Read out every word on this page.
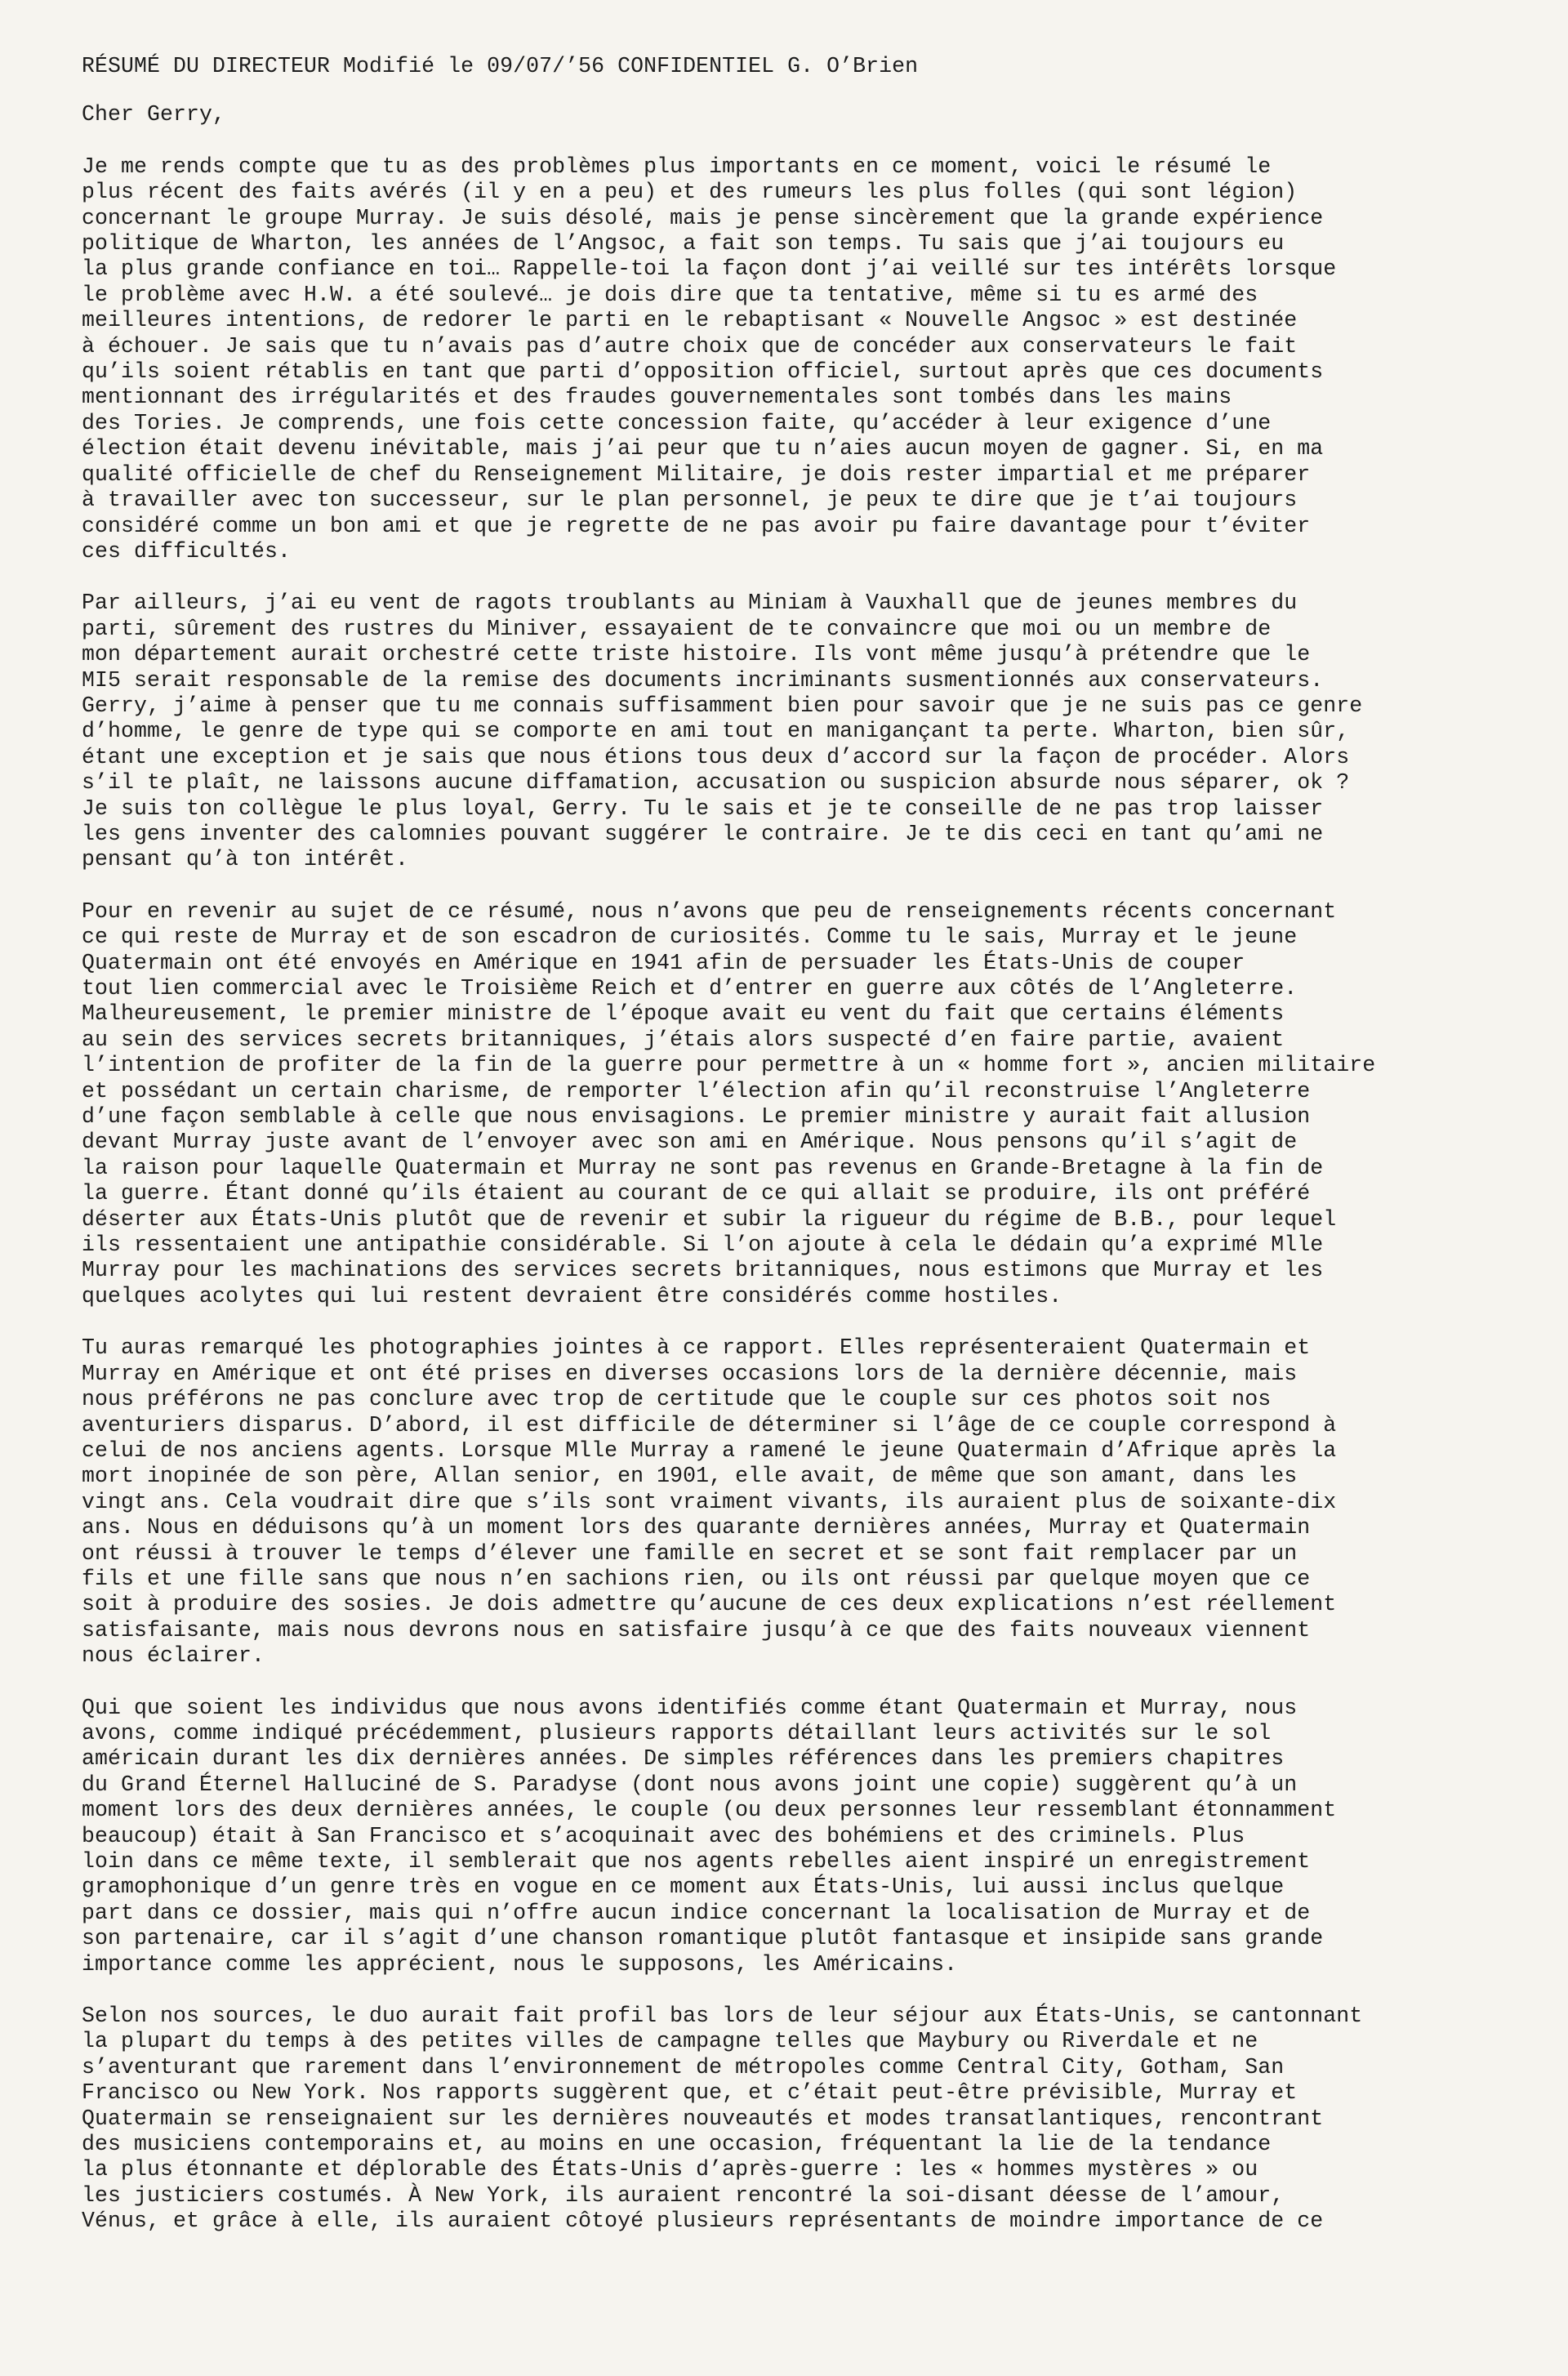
RÉSUMÉ DU DIRECTEUR Modifié le 09/07/’56 CONFIDENTIEL G. O’Brien
Cher Gerry,
Je me rends compte que tu as des problèmes plus importants en ce moment, voici le résumé le
plus récent des faits avérés (il y en a peu) et des rumeurs les plus folles (qui sont légion)
concernant le groupe Murray. Je suis désolé, mais je pense sincèrement que la grande expérience
politique de Wharton, les années de l’Angsoc, a fait son temps. Tu sais que j’ai toujours eu
la plus grande confiance en toi… Rappelle-toi la façon dont j’ai veillé sur tes intérêts lorsque
le problème avec H.W. a été soulevé… je dois dire que ta tentative, même si tu es armé des
meilleures intentions, de redorer le parti en le rebaptisant « Nouvelle Angsoc » est destinée
à échouer. Je sais que tu n’avais pas d’autre choix que de concéder aux conservateurs le fait
qu’ils soient rétablis en tant que parti d’opposition officiel, surtout après que ces documents
mentionnant des irrégularités et des fraudes gouvernementales sont tombés dans les mains
des Tories. Je comprends, une fois cette concession faite, qu’accéder à leur exigence d’une
élection était devenu inévitable, mais j’ai peur que tu n’aies aucun moyen de gagner. Si, en ma
qualité officielle de chef du Renseignement Militaire, je dois rester impartial et me préparer
à travailler avec ton successeur, sur le plan personnel, je peux te dire que je t’ai toujours
considéré comme un bon ami et que je regrette de ne pas avoir pu faire davantage pour t’éviter
ces difficultés.
Par ailleurs, j’ai eu vent de ragots troublants au Miniam à Vauxhall que de jeunes membres du
parti, sûrement des rustres du Miniver, essayaient de te convaincre que moi ou un membre de
mon département aurait orchestré cette triste histoire. Ils vont même jusqu’à prétendre que le
MI5 serait responsable de la remise des documents incriminants susmentionnés aux conservateurs.
Gerry, j’aime à penser que tu me connais suffisamment bien pour savoir que je ne suis pas ce genre
d’homme, le genre de type qui se comporte en ami tout en manigançant ta perte. Wharton, bien sûr,
étant une exception et je sais que nous étions tous deux d’accord sur la façon de procéder. Alors
s’il te plaît, ne laissons aucune diffamation, accusation ou suspicion absurde nous séparer, ok ?
Je suis ton collègue le plus loyal, Gerry. Tu le sais et je te conseille de ne pas trop laisser
les gens inventer des calomnies pouvant suggérer le contraire. Je te dis ceci en tant qu’ami ne
pensant qu’à ton intérêt.
Pour en revenir au sujet de ce résumé, nous n’avons que peu de renseignements récents concernant
ce qui reste de Murray et de son escadron de curiosités. Comme tu le sais, Murray et le jeune
Quatermain ont été envoyés en Amérique en 1941 afin de persuader les États-Unis de couper
tout lien commercial avec le Troisième Reich et d’entrer en guerre aux côtés de l’Angleterre.
Malheureusement, le premier ministre de l’époque avait eu vent du fait que certains éléments
au sein des services secrets britanniques, j’étais alors suspecté d’en faire partie, avaient
l’intention de profiter de la fin de la guerre pour permettre à un « homme fort », ancien militaire
et possédant un certain charisme, de remporter l’élection afin qu’il reconstruise l’Angleterre
d’une façon semblable à celle que nous envisagions. Le premier ministre y aurait fait allusion
devant Murray juste avant de l’envoyer avec son ami en Amérique. Nous pensons qu’il s’agit de
la raison pour laquelle Quatermain et Murray ne sont pas revenus en Grande-Bretagne à la fin de
la guerre. Étant donné qu’ils étaient au courant de ce qui allait se produire, ils ont préféré
déserter aux États-Unis plutôt que de revenir et subir la rigueur du régime de B.B., pour lequel
ils ressentaient une antipathie considérable. Si l’on ajoute à cela le dédain qu’a exprimé Mlle
Murray pour les machinations des services secrets britanniques, nous estimons que Murray et les
quelques acolytes qui lui restent devraient être considérés comme hostiles.
Tu auras remarqué les photographies jointes à ce rapport. Elles représenteraient Quatermain et
Murray en Amérique et ont été prises en diverses occasions lors de la dernière décennie, mais
nous préférons ne pas conclure avec trop de certitude que le couple sur ces photos soit nos
aventuriers disparus. D’abord, il est difficile de déterminer si l’âge de ce couple correspond à
celui de nos anciens agents. Lorsque Mlle Murray a ramené le jeune Quatermain d’Afrique après la
mort inopinée de son père, Allan senior, en 1901, elle avait, de même que son amant, dans les
vingt ans. Cela voudrait dire que s’ils sont vraiment vivants, ils auraient plus de soixante-dix
ans. Nous en déduisons qu’à un moment lors des quarante dernières années, Murray et Quatermain
ont réussi à trouver le temps d’élever une famille en secret et se sont fait remplacer par un
fils et une fille sans que nous n’en sachions rien, ou ils ont réussi par quelque moyen que ce
soit à produire des sosies. Je dois admettre qu’aucune de ces deux explications n’est réellement
satisfaisante, mais nous devrons nous en satisfaire jusqu’à ce que des faits nouveaux viennent
nous éclairer.
Qui que soient les individus que nous avons identifiés comme étant Quatermain et Murray, nous
avons, comme indiqué précédemment, plusieurs rapports détaillant leurs activités sur le sol
américain durant les dix dernières années. De simples références dans les premiers chapitres
du Grand Éternel Halluciné de S. Paradyse (dont nous avons joint une copie) suggèrent qu’à un
moment lors des deux dernières années, le couple (ou deux personnes leur ressemblant étonnamment
beaucoup) était à San Francisco et s’acoquinait avec des bohémiens et des criminels. Plus
loin dans ce même texte, il semblerait que nos agents rebelles aient inspiré un enregistrement
gramophonique d’un genre très en vogue en ce moment aux États-Unis, lui aussi inclus quelque
part dans ce dossier, mais qui n’offre aucun indice concernant la localisation de Murray et de
son partenaire, car il s’agit d’une chanson romantique plutôt fantasque et insipide sans grande
importance comme les apprécient, nous le supposons, les Américains.
Selon nos sources, le duo aurait fait profil bas lors de leur séjour aux États-Unis, se cantonnant
la plupart du temps à des petites villes de campagne telles que Maybury ou Riverdale et ne
s’aventurant que rarement dans l’environnement de métropoles comme Central City, Gotham, San
Francisco ou New York. Nos rapports suggèrent que, et c’était peut-être prévisible, Murray et
Quatermain se renseignaient sur les dernières nouveautés et modes transatlantiques, rencontrant
des musiciens contemporains et, au moins en une occasion, fréquentant la lie de la tendance
la plus étonnante et déplorable des États-Unis d’après-guerre : les « hommes mystères » ou
les justiciers costumés. À New York, ils auraient rencontré la soi-disant déesse de l’amour,
Vénus, et grâce à elle, ils auraient côtoyé plusieurs représentants de moindre importance de ce
